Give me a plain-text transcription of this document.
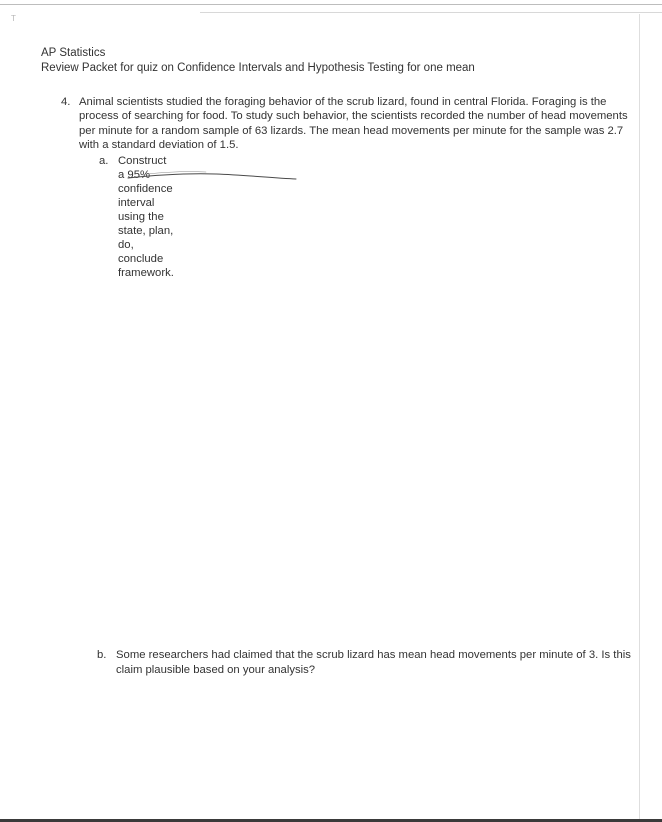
T
AP Statistics
Review Packet for quiz on Confidence Intervals and Hypothesis Testing for one mean
4. Animal scientists studied the foraging behavior of the scrub lizard, found in central Florida. Foraging is the process of searching for food. To study such behavior, the scientists recorded the number of head movements per minute for a random sample of 63 lizards. The mean head movements per minute for the sample was 2.7 with a standard deviation of 1.5.
a. Construct a 95% confidence interval using the state, plan, do, conclude framework.
b. Some researchers had claimed that the scrub lizard has mean head movements per minute of 3. Is this claim plausible based on your analysis?
